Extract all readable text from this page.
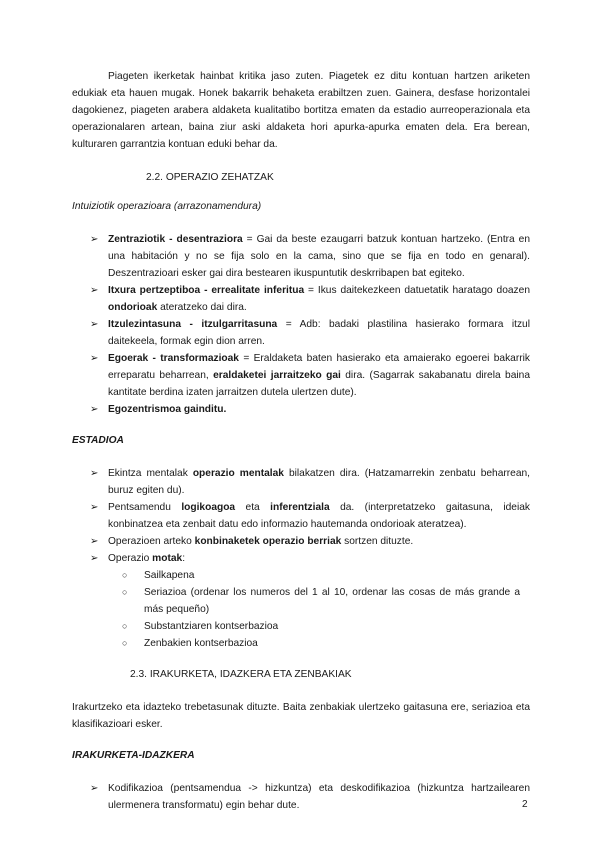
Piageten ikerketak hainbat kritika jaso zuten. Piagetek ez ditu kontuan hartzen ariketen edukiak eta hauen mugak. Honek bakarrik behaketa erabiltzen zuen. Gainera, desfase horizontalei dagokienez, piageten arabera aldaketa kualitatibo bortitza ematen da estadio aurreoperazionala eta operazionalaren artean, baina ziur aski aldaketa hori apurka-apurka ematen dela. Era berean, kulturaren garrantzia kontuan eduki behar da.

2.2. OPERAZIO ZEHATZAK

Intuiziotik operazioara (arrazonamendura)

➢ Zentraziotik - desentraziora = Gai da beste ezaugarri batzuk kontuan hartzeko. (Entra en una habitación y no se fija solo en la cama, sino que se fija en todo en genaral). Deszentrazioari esker gai dira bestearen ikuspuntutik deskrribapen bat egiteko.
➢ Itxura pertzeptiboa - errealitate inferitua = Ikus daitekezkeen datuetatik haratago doazen ondorioak ateratzeko dai dira.
➢ Itzulezintasuna - itzulgarritasuna = Adb: badaki plastilina hasierako formara itzul daitekeela, formak egin dion arren.
➢ Egoerak - transformazioak = Eraldaketa baten hasierako eta amaierako egoerei bakarrik erreparatu beharrean, eraldaketei jarraitzeko gai dira. (Sagarrak sakabanatu direla baina kantitate berdina izaten jarraitzen dutela ulertzen dute).
➢ Egozentrismoa gainditu.

ESTADIOA

➢ Ekintza mentalak operazio mentalak bilakatzen dira. (Hatzamarrekin zenbatu beharrean, buruz egiten du).
➢ Pentsamendu logikoagoa eta inferentziala da. (interpretatzeko gaitasuna, ideiak konbinatzea eta zenbait datu edo informazio hautemanda ondorioak ateratzea).
➢ Operazioen arteko konbinaketek operazio berriak sortzen dituzte.
➢ Operazio motak:
○ Sailkapena
○ Seriazioa (ordenar los numeros del 1 al 10, ordenar las cosas de más grande a más pequeño)
○ Substantziaren kontserbazioa
○ Zenbakien kontserbazioa

2.3. IRAKURKETA, IDAZKERA ETA ZENBAKIAK

Irakurtzeko eta idazteko trebetasunak dituzte. Baita zenbakiak ulertzeko gaitasuna ere, seriazioa eta klasifikazioari esker.

IRAKURKETA-IDAZKERA

➢ Kodifikazioa (pentsamendua -> hizkuntza) eta deskodifikazioa (hizkuntza hartzailearen ulermenera transformatu) egin behar dute.	2
